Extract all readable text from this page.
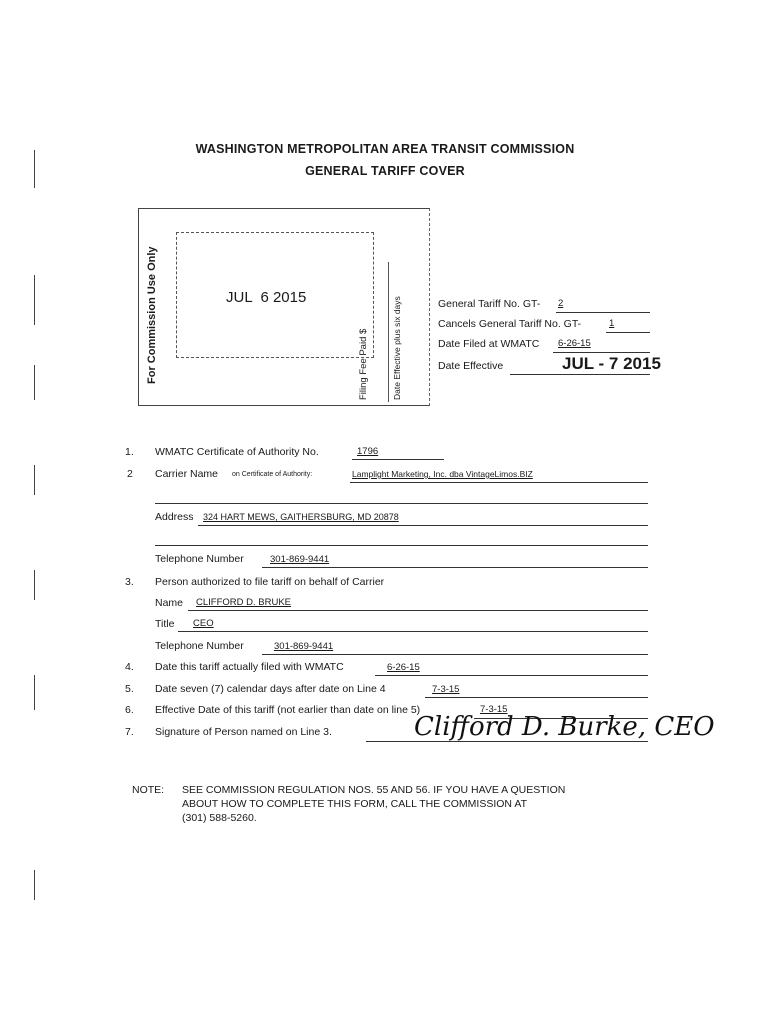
WASHINGTON METROPOLITAN AREA TRANSIT COMMISSION
GENERAL TARIFF COVER
For Commission Use Only	JUL  6 2015
Filing Fee Paid $	Date Effective plus six days	General Tariff No. GT- 2
Cancels General Tariff No. GT-	1
Date Filed at WMATC 6-26-15
Date Effective	JUL - 7 2015
1. WMATC Certificate of Authority No.	1796
2 Carrier Name on Certificate of Authority:	Lamplight Marketing, Inc. dba VintageLimos.BIZ
Address 324 HART MEWS, GAITHERSBURG, MD 20878
Telephone Number	301-869-9441
3. Person authorized to file tariff on behalf of Carrier
Name CLIFFORD D. BRUKE
Title CEO
Telephone Number	301-869-9441
4. Date this tariff actually filed with WMATC	6-26-15
5. Date seven (7) calendar days after date on Line 4	7-3-15
6. Effective Date of this tariff (not earlier than date on line 5)	7-3-15
7. Signature of Person named on Line 3.	Clifford D. Burke, CEO
NOTE: SEE COMMISSION REGULATION NOS. 55 AND 56. IF YOU HAVE A QUESTION
ABOUT HOW TO COMPLETE THIS FORM, CALL THE COMMISSION AT
(301) 588-5260.
